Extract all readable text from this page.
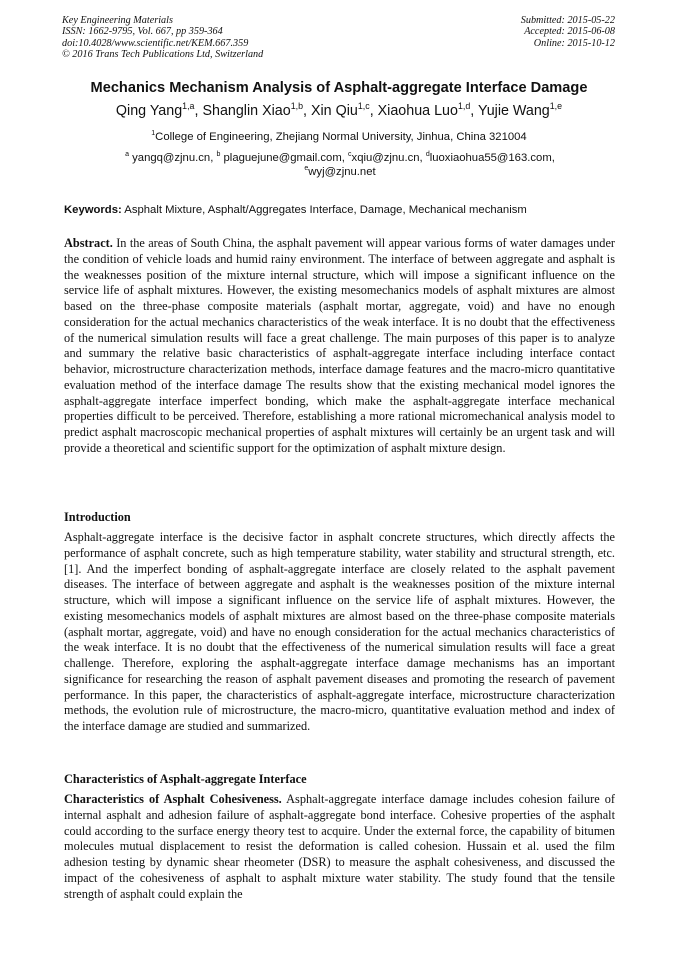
Key Engineering Materials
ISSN: 1662-9795, Vol. 667, pp 359-364
doi:10.4028/www.scientific.net/KEM.667.359
© 2016 Trans Tech Publications Ltd, Switzerland
Submitted: 2015-05-22
Accepted: 2015-06-08
Online: 2015-10-12
Mechanics Mechanism Analysis of Asphalt-aggregate Interface Damage
Qing Yang$^{1,a}$, Shanglin Xiao$^{1,b}$, Xin Qiu$^{1,c}$, Xiaohua Luo$^{1,d}$, Yujie Wang$^{1,e}$
$^1$College of Engineering, Zhejiang Normal University, Jinhua, China 321004
$^a$ yangq@zjnu.cn, $^b$ plaguejune@gmail.com, $^c$xqiu@zjnu.cn, $^d$luoxiaohua55@163.com,
$^e$wyj@zjnu.net
Keywords: Asphalt Mixture, Asphalt/Aggregates Interface, Damage, Mechanical mechanism
Abstract. In the areas of South China, the asphalt pavement will appear various forms of water damages under the condition of vehicle loads and humid rainy environment. The interface of between aggregate and asphalt is the weaknesses position of the mixture internal structure, which will impose a significant influence on the service life of asphalt mixtures. However, the existing mesomechanics models of asphalt mixtures are almost based on the three-phase composite materials (asphalt mortar, aggregate, void) and have no enough consideration for the actual mechanics characteristics of the weak interface. It is no doubt that the effectiveness of the numerical simulation results will face a great challenge. The main purposes of this paper is to analyze and summary the relative basic characteristics of asphalt-aggregate interface including interface contact behavior, microstructure characterization methods, interface damage features and the macro-micro quantitative evaluation method of the interface damage The results show that the existing mechanical model ignores the asphalt-aggregate interface imperfect bonding, which make the asphalt-aggregate interface mechanical properties difficult to be perceived. Therefore, establishing a more rational micromechanical analysis model to predict asphalt macroscopic mechanical properties of asphalt mixtures will certainly be an urgent task and will provide a theoretical and scientific support for the optimization of asphalt mixture design.
Introduction
Asphalt-aggregate interface is the decisive factor in asphalt concrete structures, which directly affects the performance of asphalt concrete, such as high temperature stability, water stability and structural strength, etc. [1]. And the imperfect bonding of asphalt-aggregate interface are closely related to the asphalt pavement diseases. The interface of between aggregate and asphalt is the weaknesses position of the mixture internal structure, which will impose a significant influence on the service life of asphalt mixtures. However, the existing mesomechanics models of asphalt mixtures are almost based on the three-phase composite materials (asphalt mortar, aggregate, void) and have no enough consideration for the actual mechanics characteristics of the weak interface. It is no doubt that the effectiveness of the numerical simulation results will face a great challenge. Therefore, exploring the asphalt-aggregate interface damage mechanisms has an important significance for researching the reason of asphalt pavement diseases and promoting the research of pavement performance. In this paper, the characteristics of asphalt-aggregate interface, microstructure characterization methods, the evolution rule of microstructure, the macro-micro, quantitative evaluation method and index of the interface damage are studied and summarized.
Characteristics of Asphalt-aggregate Interface
Characteristics of Asphalt Cohesiveness. Asphalt-aggregate interface damage includes cohesion failure of internal asphalt and adhesion failure of asphalt-aggregate bond interface. Cohesive properties of the asphalt could according to the surface energy theory test to acquire. Under the external force, the capability of bitumen molecules mutual displacement to resist the deformation is called cohesion. Hussain et al. used the film adhesion testing by dynamic shear rheometer (DSR) to measure the asphalt cohesiveness, and discussed the impact of the cohesiveness of asphalt to asphalt mixture water stability. The study found that the tensile strength of asphalt could explain the
